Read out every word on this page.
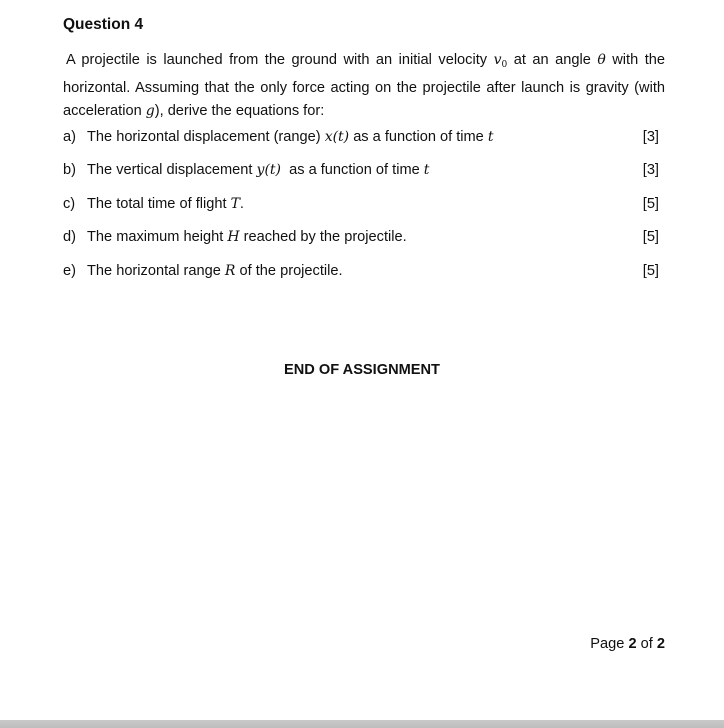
Question 4
A projectile is launched from the ground with an initial velocity $v_0$ at an angle θ with the horizontal. Assuming that the only force acting on the projectile after launch is gravity (with acceleration g), derive the equations for:
a) The horizontal displacement (range) x(t) as a function of time t	[3]
b) The vertical displacement y(t)  as a function of time t	[3]
c) The total time of flight T.	[5]
d) The maximum height H reached by the projectile.	[5]
e) The horizontal range R of the projectile.	[5]
END OF ASSIGNMENT
Page 2 of 2
